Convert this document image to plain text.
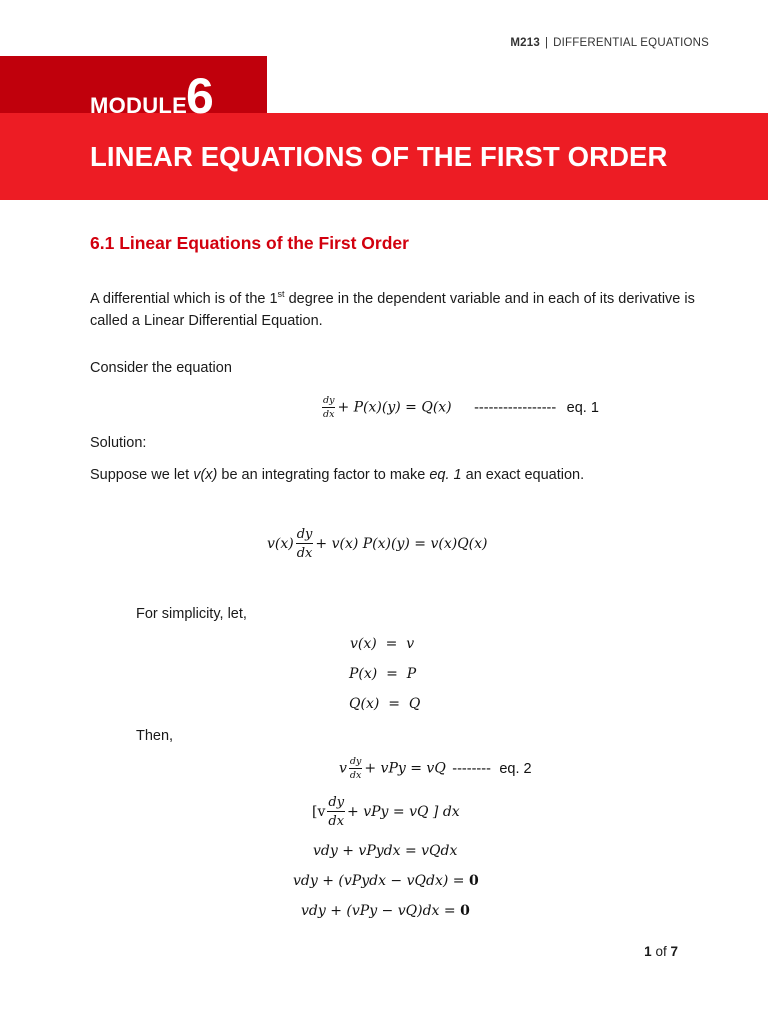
M213 | DIFFERENTIAL EQUATIONS
MODULE
6
LINEAR EQUATIONS OF THE FIRST ORDER
6.1 Linear Equations of the First Order
A differential which is of the 1st degree in the dependent variable and in each of its derivative is called a Linear Differential Equation.
Consider the equation
$\frac{dy}{dx} + P(x)(y) = Q(x)$ ----------------- eq. 1
Solution:
Suppose we let v(x) be an integrating factor to make eq. 1 an exact equation.
$v(x) \frac{dy}{dx} + v(x) P(x)(y) = v(x)Q(x)$
For simplicity, let,
v(x)  =  v
P(x)  =  P
Q(x)  =  Q
Then,
v $\frac{dy}{dx}$ + vPy = vQ -------- eq. 2
[$v \frac{dy}{dx}$ + vPy = vQ ] dx
vdy + vPydx = vQdx
vdy + (vPydx − vQdx) = 0
vdy + (vPy − vQ)dx = 0
1 of 7
